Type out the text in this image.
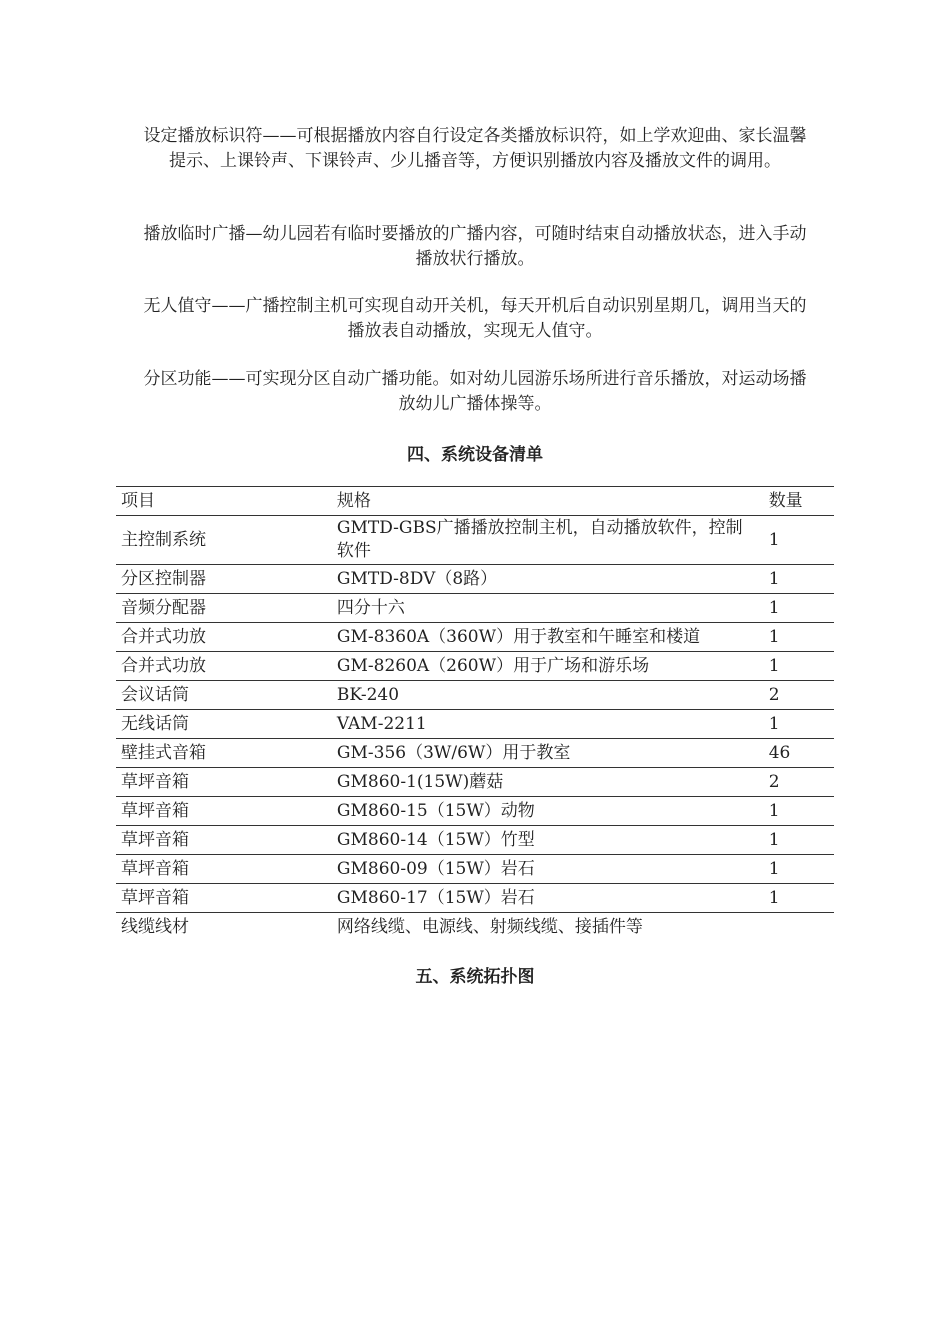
设定播放标识符——可根据播放内容自行设定各类播放标识符，如上学欢迎曲、家长温馨提示、上课铃声、下课铃声、少儿播音等，方便识别播放内容及播放文件的调用。

播放临时广播—幼儿园若有临时要播放的广播内容，可随时结束自动播放状态，进入手动播放状行播放。

无人值守——广播控制主机可实现自动开关机，每天开机后自动识别星期几，调用当天的播放表自动播放，实现无人值守。

分区功能——可实现分区自动广播功能。如对幼儿园游乐场所进行音乐播放，对运动场播放幼儿广播体操等。

四、系统设备清单
项目	规格	数量
主控制系统	GMTD-GBS广播播放控制主机，自动播放软件，控制软件	1
分区控制器	GMTD-8DV（8路）	1
音频分配器	四分十六	1
合并式功放	GM-8360A（360W）用于教室和午睡室和楼道	1
合并式功放	GM-8260A（260W）用于广场和游乐场	1
会议话筒	BK-240	2
无线话筒	VAM-2211	1
壁挂式音箱	GM-356（3W/6W）用于教室	46
草坪音箱	GM860-1(15W)蘑菇	2
草坪音箱	GM860-15（15W）动物	1
草坪音箱	GM860-14（15W）竹型	1
草坪音箱	GM860-09（15W）岩石	1
草坪音箱	GM860-17（15W）岩石	1
线缆线材	网络线缆、电源线、射频线缆、接插件等	
五、系统拓扑图
